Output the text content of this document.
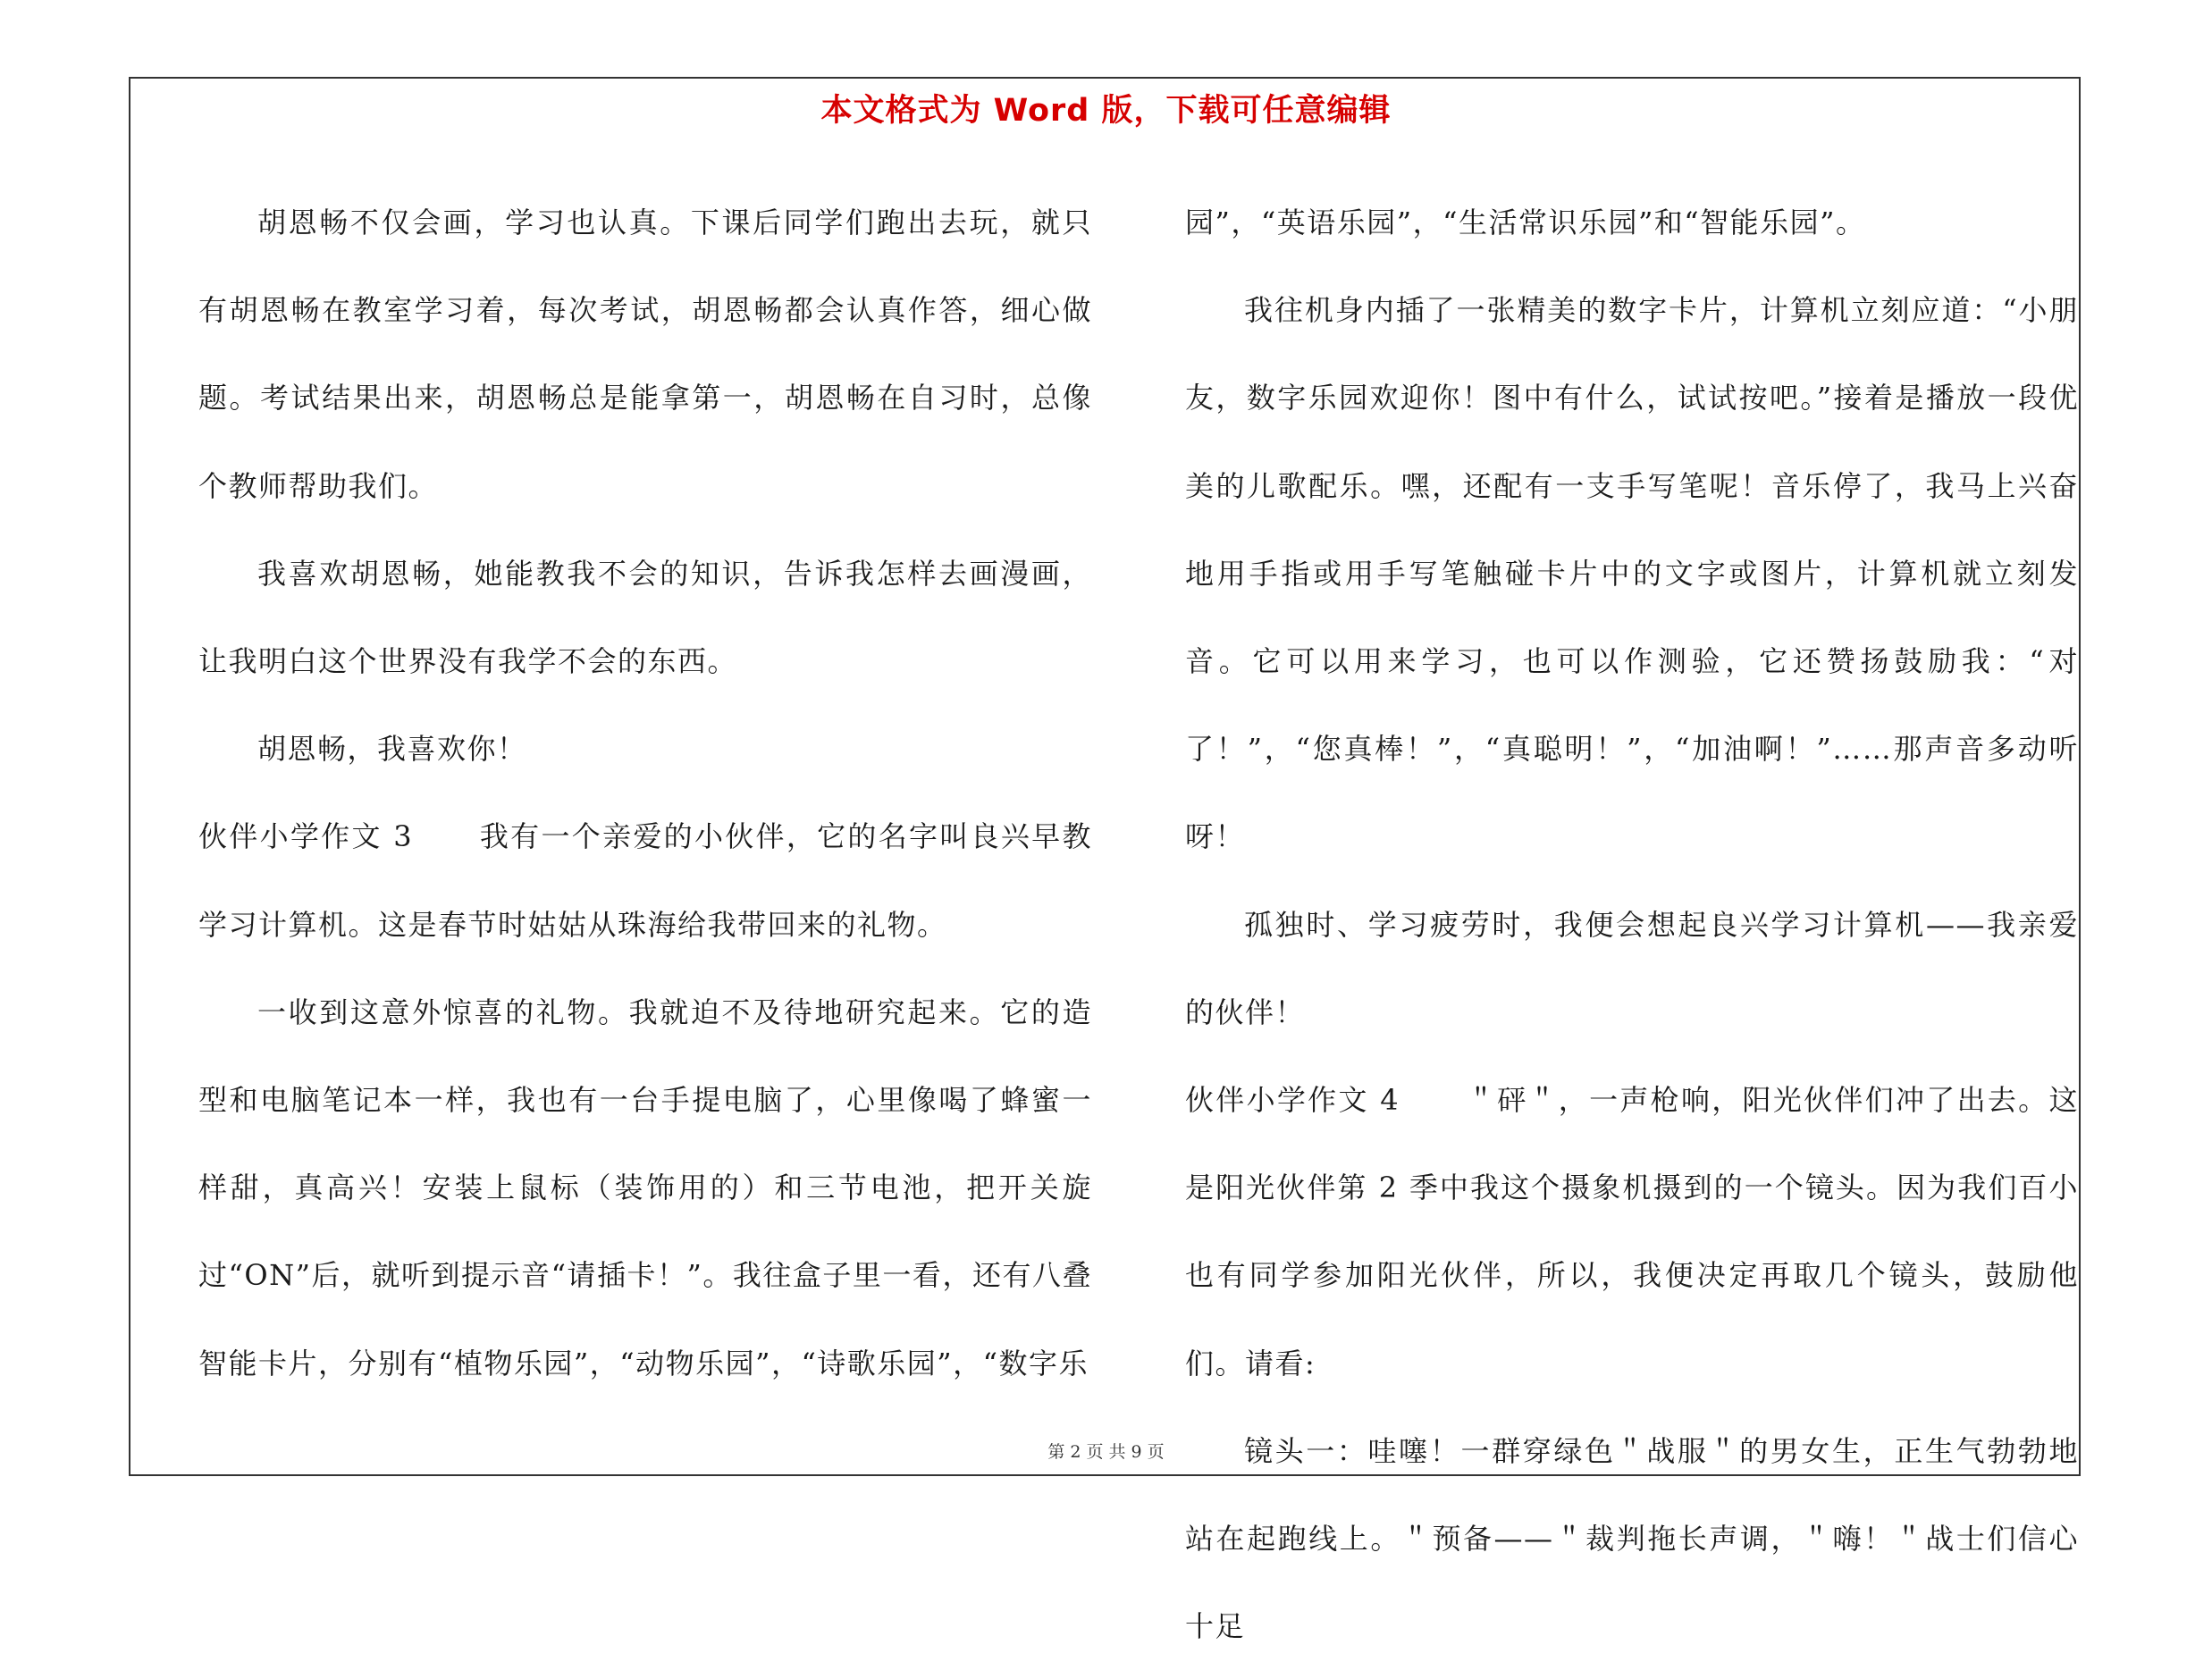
本文格式为 Word 版，下载可任意编辑

胡恩畅不仅会画，学习也认真。下课后同学们跑出去玩，就只有胡恩畅在教室学习着，每次考试，胡恩畅都会认真作答，细心做题。考试结果出来，胡恩畅总是能拿第一，胡恩畅在自习时，总像个教师帮助我们。

我喜欢胡恩畅，她能教我不会的知识，告诉我怎样去画漫画，让我明白这个世界没有我学不会的东西。

胡恩畅，我喜欢你！

伙伴小学作文 3 我有一个亲爱的小伙伴，它的名字叫良兴早教学习计算机。这是春节时姑姑从珠海给我带回来的礼物。

一收到这意外惊喜的礼物。我就迫不及待地研究起来。它的造型和电脑笔记本一样，我也有一台手提电脑了，心里像喝了蜂蜜一样甜，真高兴！安装上鼠标（装饰用的）和三节电池，把开关旋过“ON”后，就听到提示音“请插卡！”。我往盒子里一看，还有八叠智能卡片，分别有“植物乐园”，“动物乐园”，“诗歌乐园”，“数字乐

园”，“英语乐园”，“生活常识乐园”和“智能乐园”。

我往机身内插了一张精美的数字卡片，计算机立刻应道：“小朋友，数字乐园欢迎你！图中有什么，试试按吧。”接着是播放一段优美的儿歌配乐。嘿，还配有一支手写笔呢！音乐停了，我马上兴奋地用手指或用手写笔触碰卡片中的文字或图片，计算机就立刻发音。它可以用来学习，也可以作测验，它还赞扬鼓励我：“对了！”，“您真棒！”，“真聪明！”，“加油啊！”……那声音多动听呀！

孤独时、学习疲劳时，我便会想起良兴学习计算机——我亲爱的伙伴！

伙伴小学作文 4 ＂砰＂，一声枪响，阳光伙伴们冲了出去。这是阳光伙伴第 2 季中我这个摄象机摄到的一个镜头。因为我们百小也有同学参加阳光伙伴，所以，我便决定再取几个镜头，鼓励他们。请看:

镜头一：哇噻！一群穿绿色＂战服＂的男女生，正生气勃勃地站在起跑线上。＂预备——＂裁判拖长声调，＂嗨！＂战士们信心十足

第 2 页 共 9 页
